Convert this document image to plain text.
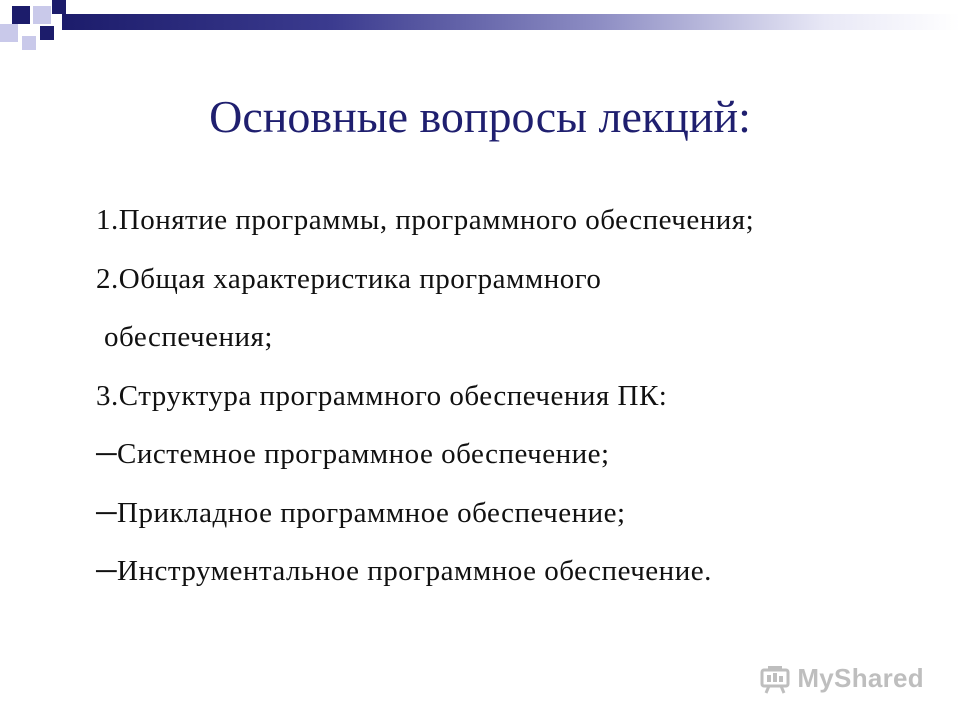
Основные вопросы лекций:
1.Понятие программы, программного обеспечения;
2.Общая характеристика программного
обеспечения;
3.Структура программного обеспечения ПК:
─Системное программное обеспечение;
─Прикладное программное обеспечение;
─Инструментальное программное обеспечение.
MyShared
